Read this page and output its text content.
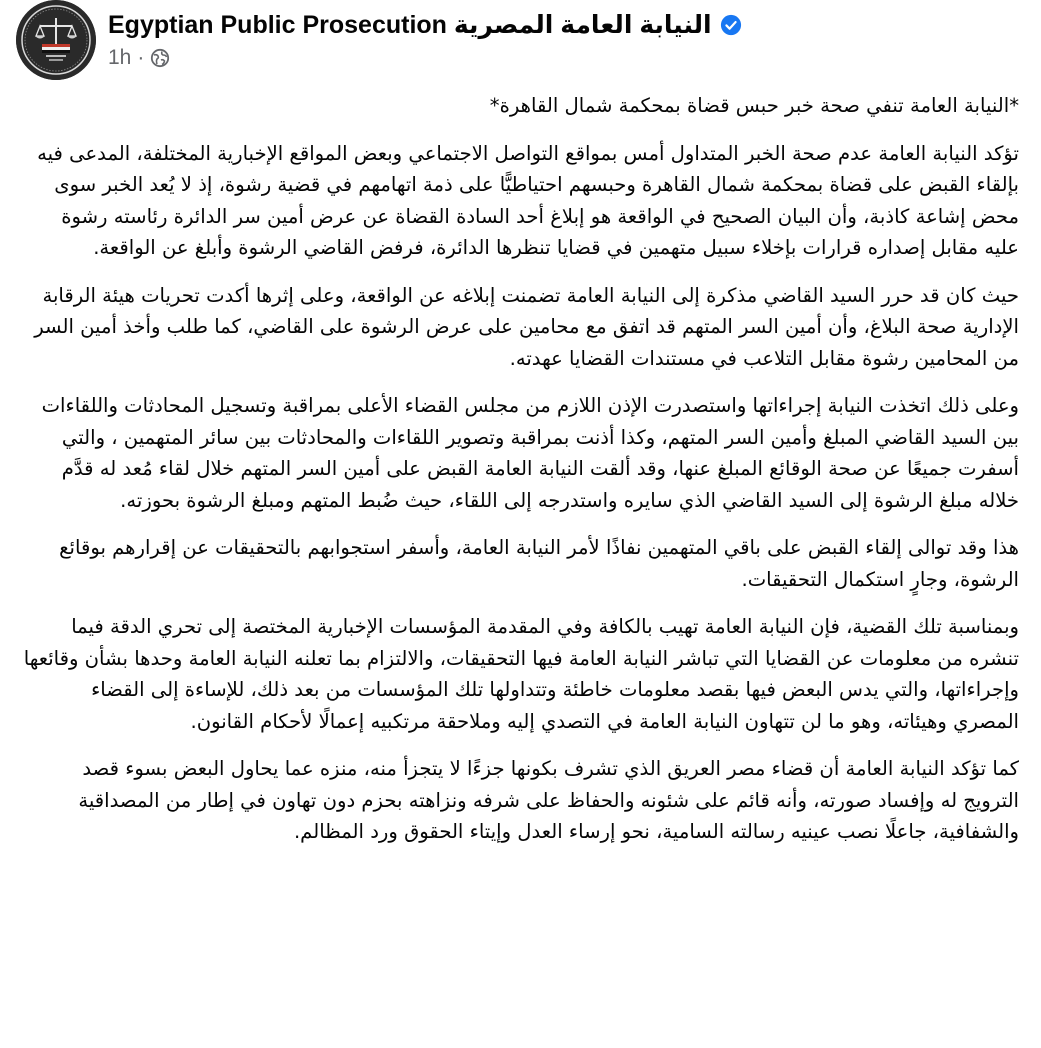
Egyptian Public Prosecution النيابة العامة المصرية
1h ·

*النيابة العامة تنفي صحة خبر حبس قضاة بمحكمة شمال القاهرة*

تؤكد النيابة العامة عدم صحة الخبر المتداول أمس بمواقع التواصل الاجتماعي وبعض المواقع الإخبارية المختلفة، المدعى فيه بإلقاء القبض على قضاة بمحكمة شمال القاهرة وحبسهم احتياطيًّا على ذمة اتهامهم في قضية رشوة، إذ لا يُعد الخبر سوى محض إشاعة كاذبة، وأن البيان الصحيح في الواقعة هو إبلاغ أحد السادة القضاة عن عرض أمين سر الدائرة رئاسته رشوة عليه مقابل إصداره قرارات بإخلاء سبيل متهمين في قضايا تنظرها الدائرة، فرفض القاضي الرشوة وأبلغ عن الواقعة.

حيث كان قد حرر السيد القاضي مذكرة إلى النيابة العامة تضمنت إبلاغه عن الواقعة، وعلى إثرها أكدت تحريات هيئة الرقابة الإدارية صحة البلاغ، وأن أمين السر المتهم قد اتفق مع محامين على عرض الرشوة على القاضي، كما طلب وأخذ أمين السر من المحامين رشوة مقابل التلاعب في مستندات القضايا عهدته.

وعلى ذلك اتخذت النيابة إجراءاتها واستصدرت الإذن اللازم من مجلس القضاء الأعلى بمراقبة وتسجيل المحادثات واللقاءات بين السيد القاضي المبلغ وأمين السر المتهم، وكذا أذنت بمراقبة وتصوير اللقاءات والمحادثات بين سائر المتهمين ، والتي أسفرت جميعًا عن صحة الوقائع المبلغ عنها، وقد ألقت النيابة العامة القبض على أمين السر المتهم خلال لقاء مُعد له قدَّم خلاله مبلغ الرشوة إلى السيد القاضي الذي سايره واستدرجه إلى اللقاء، حيث ضُبط المتهم ومبلغ الرشوة بحوزته.

هذا وقد توالى إلقاء القبض على باقي المتهمين نفاذًا لأمر النيابة العامة، وأسفر استجوابهم بالتحقيقات عن إقرارهم بوقائع الرشوة، وجارٍ استكمال التحقيقات.

وبمناسبة تلك القضية، فإن النيابة العامة تهيب بالكافة وفي المقدمة المؤسسات الإخبارية المختصة إلى تحري الدقة فيما تنشره من معلومات عن القضايا التي تباشر النيابة العامة فيها التحقيقات، والالتزام بما تعلنه النيابة العامة وحدها بشأن وقائعها وإجراءاتها، والتي يدس البعض فيها بقصد معلومات خاطئة وتتداولها تلك المؤسسات من بعد ذلك، للإساءة إلى القضاء المصري وهيئاته، وهو ما لن تتهاون النيابة العامة في التصدي إليه وملاحقة مرتكبيه إعمالًا لأحكام القانون.

كما تؤكد النيابة العامة أن قضاء مصر العريق الذي تشرف بكونها جزءًا لا يتجزأ منه، منزه عما يحاول البعض بسوء قصد الترويج له وإفساد صورته، وأنه قائم على شئونه والحفاظ على شرفه ونزاهته بحزم دون تهاون في إطار من المصداقية والشفافية، جاعلًا نصب عينيه رسالته السامية، نحو إرساء العدل وإيتاء الحقوق ورد المظالم.
